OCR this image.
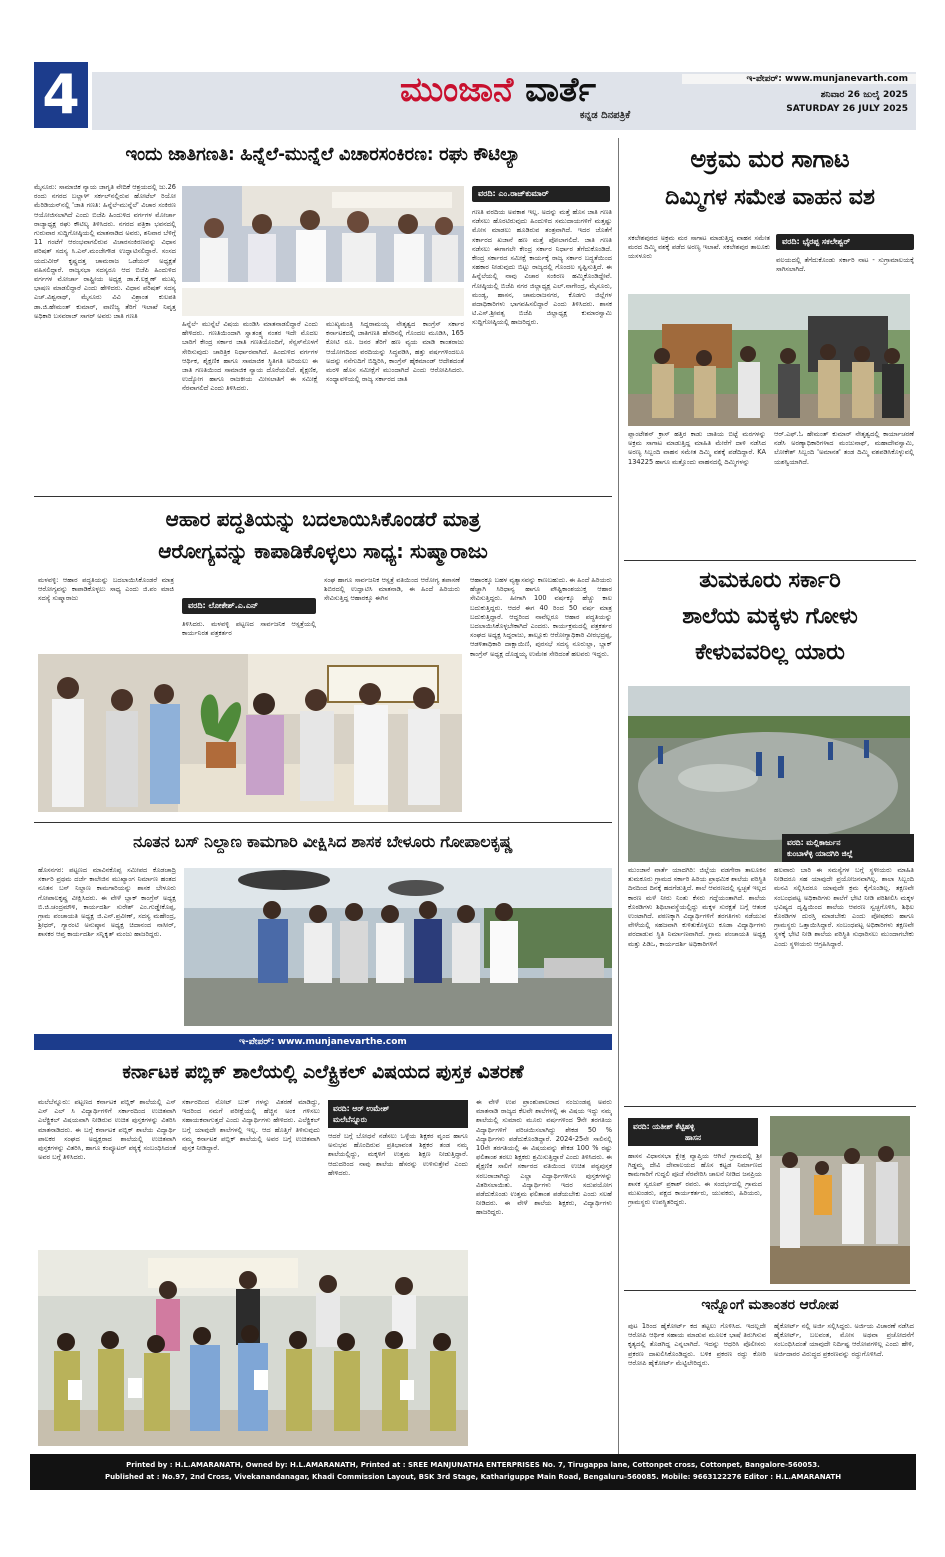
4	ಮುಂಜಾನೆ ವಾರ್ತೆ
ಕನ್ನಡ ದಿನಪತ್ರಿಕೆ
ಇ-ಪೇಪರ್: www.munjanevarth.com
ಶನಿವಾರ 26 ಜುಲೈ 2025
SATURDAY 26 JULY 2025
ಇಂದು ಜಾತಿಗಣತಿ: ಹಿನ್ನೆಲೆ-ಮುನ್ನೆಲೆ ವಿಚಾರಸಂಕಿರಣ: ರಘು ಕೌಟಿಲ್ಯಾ
ಮೈಸೂರು: ಸಾಮಾಜಿಕ ನ್ಯಾಯ ಜಾಗೃತಿ ವೇದಿಕೆ ಆಶ್ರಯದಲ್ಲಿ ಜು.26 ರಂದು ನಗರದ ಬಲ್ಲಾಳ್ ಸರ್ಕಲ್‌ನಲ್ಲಿರುವ ಹೋಟೆಲ್ ರಿಯೋ ಮೆರಿಡಿಯನ್‌ನಲ್ಲಿ 'ಜಾತಿ ಗಣತಿ: ಹಿನ್ನೆಲೆ-ಮುನ್ನೆಲೆ' ವಿಚಾರ ಸಂಕಿರಣ ಆಯೋಜಿಸಲಾಗಿದೆ ಎಂದು ಬಿಜೆಪಿ ಹಿಂದುಳಿದ ವರ್ಗಗಳ ಮೋರ್ಚಾ ರಾಜ್ಯಾಧ್ಯಕ್ಷ ರಘು ಕೌಟಿಲ್ಯ ತಿಳಿಸಿದರು. ನಗರದ ಪತ್ರಿಕಾ ಭವನದಲ್ಲಿ ಗುರುವಾರ ಸುದ್ದಿಗೋಷ್ಠಿಯಲ್ಲಿ ಮಾತನಾಡಿದ ಅವರು, ಶನಿವಾರ ಬೆಳಿಗ್ಗೆ 11 ಗಂಟೆಗೆ ಆರಂಭವಾಗಲಿರುವ ವಿಚಾರಸಂಕಿರಣವನ್ನು ವಿಧಾನ ಪರಿಷತ್ ಸದಸ್ಯ ಸಿ.ಎನ್.ಮಂಜೇಗೌಡ ಉದ್ಘಾಟಿಸಲಿದ್ದಾರೆ. ಸಂಸದ ಯದುವೀರ್ ಕೃಷ್ಣದತ್ತ ಚಾಮರಾಜ ಒಡೆಯರ್ ಅಧ್ಯಕ್ಷತೆ ವಹಿಸಲಿದ್ದಾರೆ. ರಾಜ್ಯಸಭಾ ಸದಸ್ಯರೂ ಆದ ಬಿಜೆಪಿ ಹಿಂದುಳಿದ ವರ್ಗಗಳ ಮೋರ್ಚಾ ರಾಷ್ಟ್ರೀಯ ಅಧ್ಯಕ್ಷ ಡಾ.ಕೆ.ಲಕ್ಷ್ಮಣ್ ಮುಖ್ಯ ಭಾಷಣ ಮಾಡಲಿದ್ದಾರೆ ಎಂದು ಹೇಳಿದರು. ವಿಧಾನ ಪರಿಷತ್ ಸದಸ್ಯ ಎಚ್.ವಿಶ್ವನಾಥ್, ಮೈಸೂರು ವಿವಿ ವಿಶ್ರಾಂತ ಕುಲಪತಿ ಡಾ.ಜಿ.ಹೇಮಂತ್ ಕುಮಾರ್, ವಾಣಿಜ್ಯ ತೆರಿಗೆ ಇಲಾಖೆ ನಿವೃತ್ತ ಅಧಿಕಾರಿ ಬಸವರಾಜ್ ಸಾಗರ್ ಅವರು ಜಾತಿ ಗಣತಿ
ವರದಿ: ಎಂ.ರಾಜ್‌ಕುಮಾರ್
ಹಿನ್ನೆಲೆ- ಮುನ್ನೆಲೆ ವಿಷಯ ಮಂಡಿಸಿ ಮಾತನಾಡಲಿದ್ದಾರೆ ಎಂದು ಹೇಳಿದರು. ಗಣತಿಯಿಂದಾಗಿ ಸ್ವಾತಂತ್ರ್ಯ ನಂತರ ಇದೇ ಮೊದಲ ಬಾರಿಗೆ ಕೇಂದ್ರ ಸರ್ಕಾರ ಜಾತಿ ಗಣತಿಯೊಂದಿಗೆ, ಸೆನ್ಸಸ್‌ನೊಳಗೆ ಸೇರಿಸುವುದು ಚಾರಿತ್ರಿಕ ನಿರ್ಧಾರವಾಗಿದೆ. ಹಿಂದುಳಿದ ವರ್ಗಗಳ ಆರ್ಥಿಕ, ಶೈಕ್ಷಣಿಕ ಹಾಗೂ ಸಾಮಾಜಿಕ ಸ್ಥಿತಿಗತಿ ಅರಿಯಲು ಈ ಜಾತಿ ಗಣತಿಯಿಂದ ಸಾಮಾಜಿಕ ನ್ಯಾಯ ದೊರೆಯಲಿದೆ. ಶೈಕ್ಷಣಿಕ, ಉದ್ಯೋಗ ಹಾಗೂ ರಾಜಕೀಯ ಮೀಸಲಾತಿಗೆ ಈ ಸಮೀಕ್ಷೆ ನೆರವಾಗಲಿದೆ ಎಂದು ತಿಳಿಸಿದರು.
ಮುಖ್ಯಮಂತ್ರಿ ಸಿದ್ದರಾಮಯ್ಯ ನೇತೃತ್ವದ ಕಾಂಗ್ರೆಸ್ ಸರ್ಕಾರ ಕರ್ನಾಟಕದಲ್ಲಿ ಜಾತಿಗಣತಿ ಹೆಸರಿನಲ್ಲಿ ಗೊಂದಲ ಮೂಡಿಸಿ, 165 ಕೋಟಿ ರೂ. ಜನರ ತೆರಿಗೆ ಹಣ ವ್ಯಯ ಮಾಡಿ ಕಾಂತರಾಜು ಆಯೋಗದಿಂದ ವರದಿಯನ್ನು ಸಿದ್ಧಪಡಿಸಿ, ಹತ್ತು ವರ್ಷಗಳಿಂದಲೂ ಅದನ್ನು ನನೆಗುದಿಗೆ ಬಿದ್ದಿರಿಸಿ, ಕಾಂಗ್ರೆಸ್ ಹೈಕಮಾಂಡ್ ಆದೇಶದಂತೆ ಮರಳಿ ಹೊಸ ಸಮೀಕ್ಷೆಗೆ ಮುಂದಾಗಿದೆ ಎಂದು ಆರೋಪಿಸಿದರು. ಸಂಧ್ಯಾವಳಿಯಲ್ಲಿ ರಾಜ್ಯ ಸರ್ಕಾರದ ಜಾತಿ
ಗಣತಿ ವರದಿಯ ಅವಕಾಶ ಇಲ್ಲ. ಅದನ್ನು ಮತ್ತೆ ಹೊಸ ಜಾತಿ ಗಣತಿ ನಡೆಸಲು ಹೊರಟಿರುವುದು ಹಿಂದುಳಿದ ಸಮುದಾಯಗಳಿಗೆ ಮತ್ತಷ್ಟು ಮೋಸ ಮಾಡಲು ಹೂಡಿರುವ ತಂತ್ರವಾಗಿದೆ. ಇದರ ಜೊತೆಗೆ ಸರ್ಕಾರದ ಖಜಾನೆ ಹಣ ಮತ್ತೆ ಪೋಲಾಗಲಿದೆ. ಜಾತಿ ಗಣತಿ ನಡೆಸಲು ಈಗಾಗಲೇ ಕೇಂದ್ರ ಸರ್ಕಾರ ನಿರ್ಧಾರ ತೆಗೆದುಕೊಂಡಿದೆ. ಕೇಂದ್ರ ಸರ್ಕಾರದ ಸಮೀಕ್ಷೆ ಕಾರ್ಯಕ್ಕೆ ರಾಜ್ಯ ಸರ್ಕಾರ ಬದ್ಧತೆಯಿಂದ ಸಹಕಾರ ನೀಡುವುದು ಬಿಟ್ಟು ರಾಜ್ಯದಲ್ಲಿ ಗೊಂದಲ ಸೃಷ್ಟಿಸುತ್ತಿದೆ. ಈ ಹಿನ್ನೆಲೆಯಲ್ಲಿ ನಾವು ವಿಚಾರ ಸಂಕಿರಣ ಹಮ್ಮಿಕೊಂಡಿದ್ದೇವೆ. ಗೋಷ್ಠಿಯಲ್ಲಿ ಬಿಜೆಪಿ ನಗರ ಜಿಲ್ಲಾಧ್ಯಕ್ಷ ಎಲ್.ನಾಗೇಂದ್ರ, ಮೈಸೂರು, ಮಂಡ್ಯ, ಹಾಸನ, ಚಾಮರಾಜನಗರ, ಕೊಡಗು ಜಿಲ್ಲೆಗಳ ಪದಾಧಿಕಾರಿಗಳು ಭಾಗವಹಿಸಲಿದ್ದಾರೆ ಎಂದು ತಿಳಿಸಿದರು. ಶಾಸಕ ಟಿ.ಎಸ್.ಶ್ರೀವತ್ಸ ಬಿಜೆಪಿ ಜಿಲ್ಲಾಧ್ಯಕ್ಷ ಕುಮಾರಸ್ವಾಮಿ ಸುದ್ದಿಗೋಷ್ಠಿಯಲ್ಲಿ ಹಾಜರಿದ್ದರು.
ಆಹಾರ ಪದ್ಧತಿಯನ್ನು ಬದಲಾಯಿಸಿಕೊಂಡರೆ ಮಾತ್ರ
ಆರೋಗ್ಯವನ್ನು ಕಾಪಾಡಿಕೊಳ್ಳಲು ಸಾಧ್ಯ: ಸುಷ್ಮಾರಾಜು
ಮಳವಳ್ಳಿ: ಆಹಾರ ಪದ್ಧತಿಯನ್ನು ಬದಲಾಯಿಸಿಕೊಂಡರೆ ಮಾತ್ರ ಆರೋಗ್ಯವನ್ನು ಕಾಪಾಡಿಕೊಳ್ಳಲು ಸಾಧ್ಯ ಎಂದು ಜಿ.ಪಂ ಮಾಜಿ ಸದಸ್ಯೆ ಸುಷ್ಮಾರಾಜು
ವರದಿ: ಲೋಕೇಶ್.ಎ.ಎನ್
ತಿಳಿಸಿದರು. ಮಳವಳ್ಳಿ ಪಟ್ಟಣದ ಸಾರ್ವಜನಿಕ ಆಸ್ಪತ್ರೆಯಲ್ಲಿ ಕಾರ್ಯನಿರತ ಪತ್ರಕರ್ತರ
ಸಂಘ ಹಾಗೂ ಸಾರ್ವಜನಿಕ ಆಸ್ಪತ್ರೆ ವತಿಯಿಂದ ಆರೋಗ್ಯ ತಪಾಸಣೆ ಶಿಬಿರದಲ್ಲಿ ಉದ್ಘಾಟಿಸಿ ಮಾತನಾಡಿ, ಈ ಹಿಂದೆ ಹಿರಿಯರು ಸೇವಿಸುತ್ತಿದ್ದ ಆಹಾರಕ್ಕೂ ಈಗಿನ
ಆಹಾರಕ್ಕೂ ಬಹಳ ವ್ಯತ್ಯಾಸವನ್ನು ಕಾಣಬಹುದು. ಈ ಹಿಂದೆ ಹಿರಿಯರು ಹೆಚ್ಚಾಗಿ ಸಿರಿಧಾನ್ಯ ಹಾಗೂ ಪೌಷ್ಟಿಕಾಂಶಯುಕ್ತ ಆಹಾರ ಸೇವಿಸುತ್ತಿದ್ದರು. ಹೀಗಾಗಿ 100 ವರ್ಷಕ್ಕೂ ಹೆಚ್ಚು ಕಾಲ ಬದುಕುತ್ತಿದ್ದರು. ಆದರೆ ಈಗ 40 ರಿಂದ 50 ವರ್ಷ ಮಾತ್ರ ಬದುಕುತ್ತಿದ್ದಾರೆ. ಆದ್ದರಿಂದ ನಾವೆಲ್ಲರೂ ಆಹಾರ ಪದ್ಧತಿಯನ್ನು ಬದಲಾಯಿಸಿಕೊಳ್ಳಬೇಕಾಗಿದೆ ಎಂದರು. ಕಾರ್ಯಕ್ರಮದಲ್ಲಿ ಪತ್ರಕರ್ತರ ಸಂಘದ ಅಧ್ಯಕ್ಷ ಸಿದ್ದರಾಜು, ತಾಲ್ಲೂಕು ಆರೋಗ್ಯಾಧಿಕಾರಿ ವೀರಭದ್ರಪ್ಪ, ಆಡಳಿತಾಧಿಕಾರಿ ದಾಕ್ಷಾಯಿಣಿ, ಪುರಸಭೆ ಸದಸ್ಯ ನೂರುಲ್ಲಾ, ಬ್ಲಾಕ್ ಕಾಂಗ್ರೆಸ್ ಅಧ್ಯಕ್ಷ ದೊಡ್ಡಯ್ಯ ಉಮೇಶ ಸೇರಿದಂತೆ ಹಲವರು ಇದ್ದರು.
ನೂತನ ಬಸ್ ನಿಲ್ದಾಣ ಕಾಮಗಾರಿ ವೀಕ್ಷಿಸಿದ ಶಾಸಕ ಬೇಳೂರು ಗೋಪಾಲಕೃಷ್ಣ
ಹೊಸನಗರ: ಪಟ್ಟಣದ ಮಾವಿನಕೊಪ್ಪ ಸಮೀಪದ ಕೊಡಚಾದ್ರಿ ಸರ್ಕಾರಿ ಪ್ರಥಮ ದರ್ಜೆ ಕಾಲೇಜಿನ ಮುಖ್ಯಾಂಗ ನಿರ್ಮಾಣ ಹಂತದ ನೂತನ ಬಸ್ ನಿಲ್ದಾಣ ಕಾಮಗಾರಿಯನ್ನು ಶಾಸಕ ಬೇಳೂರು ಗೋಪಾಲಕೃಷ್ಣ ವೀಕ್ಷಿಸಿದರು. ಈ ವೇಳೆ ಬ್ಲಾಕ್ ಕಾಂಗ್ರೆಸ್ ಅಧ್ಯಕ್ಷ ಬಿ.ಜಿ.ಚಂದ್ರಮೌಳಿ, ಕಾರ್ಯದರ್ಶಿ ಸುರೇಶ್ ಎಂ.ಗುಡ್ಡೇಕೊಪ್ಪ, ಗ್ರಾಮ ಪಂಚಾಯತಿ ಅಧ್ಯಕ್ಷ ಜಿ.ಎನ್.ಪ್ರವೀಣ್, ಸದಸ್ಯ ಮಹೇಂದ್ರ, ಶ್ರೀಧರ್, ಗ್ಯಾರಂಟಿ ಅನುಷ್ಠಾನ ಅಧ್ಯಕ್ಷ ಚಿದಾನಂದ ನಾಸೀರ್, ಶಾಸಕರ ಆಪ್ತ ಕಾರ್ಯದರ್ಶಿ ಸನ್ನಿಕೃತ್ ಮಂಜು ಹಾಜರಿದ್ದರು.
ಅಕ್ರಮ ಮರ ಸಾಗಾಟ
ದಿಮ್ಮಿಗಳ ಸಮೇತ ವಾಹನ ವಶ
ಸಕಲೇಶಪುರದ ಅಕ್ರಮ ಮರ ಸಾಗಾಟ ಮಾಡುತ್ತಿದ್ದ ವಾಹನ ಸಮೇತ ಮರದ ದಿಮ್ಮಿ ವಶಕ್ಕೆ ಪಡೆದ ಅರಣ್ಯ ಇಲಾಖೆ. ಸಕಲೇಶಪುರ ತಾಲೂಕು ಯಸಳೂರು
ವರದಿ: ಭೈರಪ್ಪ ಸಕಲೇಶ್ವರ್
ವಲಯದಲ್ಲಿ ತೆಗೆದುಕೊಂಡು ಸರ್ಕಾರಿ ನಾಟ - ಸುಗ್ರಾಮಾಲಯಕ್ಕೆ ಸಾಗಿಸಲಾಗಿದೆ.
ಪ್ಲಾಂಟೇಶನ್ ಕ್ರಾಸ್ ಹತ್ತಿರ ಕಾಡು ಜಾತಿಯ ಬಿಟ್ಟೆ ಮರಗಳನ್ನು ಅಕ್ರಮ ಸಾಗಾಟ ಮಾಡುತ್ತಿದ್ದ ಮಾಹಿತಿ ಮೇರೆಗೆ ದಾಳಿ ನಡೆಸಿದ ಅರಣ್ಯ ಸಿಬ್ಬಂದಿ ವಾಹನ ಸಮೇತ ದಿಮ್ಮಿ ವಶಕ್ಕೆ ಪಡೆದಿದ್ದಾರೆ. KA 134225 ಹಾಗೂ ಮತ್ತೊಂದು ವಾಹನದಲ್ಲಿ ದಿಮ್ಮಿಗಳನ್ನು
ಆರ್.ಎಫ್.ಓ ಹೇಮಂತ್ ಕುಮಾರ್ ನೇತೃತ್ವದಲ್ಲಿ ಕಾರ್ಯಾಚರಣೆ ನಡೆಸಿ ಅರಣ್ಯಾಧಿಕಾರಿಗಳಾದ ಮಂಜುನಾಥ್, ಮಹಾದೇವಸ್ವಾಮಿ, ಲೋಕೇಶ್ ಸಿಬ್ಬಂದಿ 'ಅಮಾನತ' ತಂಡ ದಿಮ್ಮಿ ವಶಪಡಿಸಿಕೊಳ್ಳುವಲ್ಲಿ ಯಶಸ್ವಿಯಾಗಿದೆ.
ತುಮಕೂರು ಸರ್ಕಾರಿ
ಶಾಲೆಯ ಮಕ್ಕಳು ಗೋಳು
ಕೇಳುವವರಿಲ್ಲ ಯಾರು
ವರದಿ: ಮಲ್ಲಿಕಾರ್ಜುನ
ಕುಂಬಾಳೆಳ್ಳಿ ಯಾದಗಿರಿ ಜಿಲ್ಲೆ
ಮುಂಜಾನೆ ವಾರ್ತೆ ಯಾದಗಿರಿ: ಜಿಲ್ಲೆಯ ವಡಗೇರಾ ತಾಲೂಕಿನ ತುಮಕೂರು ಗ್ರಾಮದ ಸರ್ಕಾರಿ ಹಿರಿಯ ಪ್ರಾಥಮಿಕ ಶಾಲೆಯ ಪರಿಸ್ಥಿತಿ ದಿನದಿಂದ ದಿನಕ್ಕೆ ಹದಗೆಡುತ್ತಿದೆ. ಶಾಲೆ ಆವರಣದಲ್ಲಿ ಸ್ವಚ್ಛತೆ ಇಲ್ಲದ ಕಾರಣ ಮಳೆ ನೀರು ನಿಂತು ಕೆಸರು ಗದ್ದೆಯಂತಾಗಿದೆ. ಶಾಲೆಯ ಕೊಠಡಿಗಳು ಶಿಥಿಲಾವಸ್ಥೆಯಲ್ಲಿದ್ದು ಮಕ್ಕಳ ಸುರಕ್ಷತೆ ಬಗ್ಗೆ ಆತಂಕ ಉಂಟಾಗಿದೆ. ಪಠಣಕ್ಕಾಗಿ ವಿದ್ಯಾರ್ಥಿಗಳಿಗೆ ತರಗತಿಗಳು ನಡೆಯುವ ವೇಳೆಯಲ್ಲಿ ಸಹಜವಾಗಿ ಕುಳಿತುಕೊಳ್ಳಲು ಕೂಡಾ ವಿದ್ಯಾರ್ಥಿಗಳು ಪರದಾಡುವ ಸ್ಥಿತಿ ನಿರ್ಮಾಣವಾಗಿದೆ. ಗ್ರಾಮ ಪಂಚಾಯತಿ ಅಧ್ಯಕ್ಷ ಮತ್ತು ಪಿಡಿಒ, ಕಾರ್ಯದರ್ಶಿ ಅಧಿಕಾರಿಗಳಿಗೆ
ಹಲವಾರು ಬಾರಿ ಈ ಸಮಸ್ಯೆಗಳ ಬಗ್ಗೆ ಸ್ಥಳೀಯರು ಮಾಹಿತಿ ನೀಡಿದರೂ ಸಹ ಯಾವುದೇ ಪ್ರಯೋಜನವಾಗಿಲ್ಲ. ಶಾಲಾ ಸಿಬ್ಬಂದಿ ಮನವಿ ಸಲ್ಲಿಸಿದರೂ ಯಾವುದೇ ಕ್ರಮ ಕೈಗೊಂಡಿಲ್ಲ. ತಕ್ಷಣವೇ ಸಂಬಂಧಪಟ್ಟ ಅಧಿಕಾರಿಗಳು ಶಾಲೆಗೆ ಭೇಟಿ ನೀಡಿ ಪರಿಶೀಲಿಸಿ ಮಕ್ಕಳ ಭವಿಷ್ಯದ ದೃಷ್ಟಿಯಿಂದ ಶಾಲೆಯ ಆವರಣ ಸ್ವಚ್ಛಗೊಳಿಸಿ, ಶಿಥಿಲ ಕೊಠಡಿಗಳ ದುರಸ್ತಿ ಮಾಡಬೇಕು ಎಂದು ಪೋಷಕರು ಹಾಗೂ ಗ್ರಾಮಸ್ಥರು ಒತ್ತಾಯಿಸಿದ್ದಾರೆ. ಸಂಬಂಧಪಟ್ಟ ಅಧಿಕಾರಿಗಳು ತಕ್ಷಣವೇ ಸ್ಥಳಕ್ಕೆ ಭೇಟಿ ನೀಡಿ ಶಾಲೆಯ ಪರಿಸ್ಥಿತಿ ಸುಧಾರಿಸಲು ಮುಂದಾಗಬೇಕು ಎಂದು ಸ್ಥಳೀಯರು ಆಗ್ರಹಿಸಿದ್ದಾರೆ.
ಇ-ಪೇಪರ್: www.munjanevarthe.com
ಕರ್ನಾಟಕ ಪಬ್ಲಿಕ್ ಶಾಲೆಯಲ್ಲಿ ಎಲೆಕ್ಟ್ರಿಕಲ್ ವಿಷಯದ ಪುಸ್ತಕ ವಿತರಣೆ
ಮಲೆಬೆನ್ನೂರು: ಪಟ್ಟಣದ ಕರ್ನಾಟಕ ಪಬ್ಲಿಕ್ ಶಾಲೆಯಲ್ಲಿ ಎಸ್ ಎಸ್ ಎಲ್ ಸಿ ವಿದ್ಯಾರ್ಥಿಗಳಿಗೆ ಸರ್ಕಾರದಿಂದ ಉಚಿತವಾಗಿ ಎಲೆಕ್ಟ್ರಿಕಲ್ ವಿಷಯವಾಗಿ ನೀಡಿರುವ ಉಚಿತ ಪುಸ್ತಕಗಳನ್ನು ವಿತರಿಸಿ ಮಾತನಾಡಿದರು. ಈ ಬಗ್ಗೆ ಕರ್ನಾಟಕ ಪಬ್ಲಿಕ್ ಶಾಲೆಯ ವಿದ್ಯಾರ್ಥಿ ಪಾಲಕರ ಸಂಘದ ಅಧ್ಯಕ್ಷರಾದ ಶಾಲೆಯಲ್ಲಿ ಉಚಿತವಾಗಿ ಪುಸ್ತಕಗಳನ್ನು ವಿತರಿಸಿ, ಹಾಗೂ ಕಂಪ್ಯೂಟರ್ ಪಠ್ಯಕ್ಕೆ ಸಂಬಂಧಿಸಿದಂತೆ ಅವರ ಬಗ್ಗೆ ತಿಳಿಸಿದರು.
ಸರ್ಕಾರದಿಂದ ನೋಟ್ ಬುಕ್ ಗಳನ್ನು ವಿತರಣೆ ಮಾಡಿದ್ದು, ಇದರಿಂದ ನಮಗೆ ಪರೀಕ್ಷೆಯಲ್ಲಿ ಹೆಚ್ಚಿನ ಅಂಕ ಗಳಿಸಲು ಸಹಾಯಕವಾಗುತ್ತದೆ ಎಂದು ವಿದ್ಯಾರ್ಥಿಗಳು ಹೇಳಿದರು. ಎಲೆಕ್ಟ್ರಿಕಲ್ ಬಗ್ಗೆ ಯಾವುದೇ ಶಾಲೆಗಳಲ್ಲಿ ಇಲ್ಲ. ಆದ ಹೊತ್ತಿಗೆ ತಿಳಿಸುವುದು ನಮ್ಮ ಕರ್ನಾಟಕ ಪಬ್ಲಿಕ್ ಶಾಲೆಯಲ್ಲಿ ಅವರ ಬಗ್ಗೆ ಉಚಿತವಾಗಿ ಪುಸ್ತಕ ನೀಡಿದ್ದಾರೆ.
ವರದಿ: ಆರ್ ಉಮೇಶ್
ಮಲೆಬೆನ್ನೂರು
ಆದರೆ ಬಗ್ಗೆ ಬೋಧನೆ ನಡೆಸಲು ಒಳ್ಳೆಯ ಶಿಕ್ಷಕರ ವೃಂದ ಹಾಗೂ ಅನುಭವ ಹೊಂದಿರುವ ಪ್ರತಿಭಾವಂತ ಶಿಕ್ಷಕರ ತಂಡ ನಮ್ಮ ಶಾಲೆಯಲ್ಲಿದ್ದು, ಮಕ್ಕಳಿಗೆ ಉತ್ತಮ ಶಿಕ್ಷಣ ನೀಡುತ್ತಿದ್ದಾರೆ. ಆದುದರಿಂದ ನಾವು ಶಾಲೆಯ ಹೆಸರನ್ನು ಉಳಿಸುತ್ತೇವೆ ಎಂದು ಹೇಳಿದರು.
ಈ ವೇಳೆ ಉಪ ಪ್ರಾಂಶುಪಾಲರಾದ ನಂಜುಂಡಪ್ಪ ಅವರು ಮಾತನಾಡಿ ರಾಜ್ಯದ ಕೆಲವೇ ಶಾಲೆಗಳಲ್ಲಿ ಈ ವಿಷಯ ಇದ್ದು ನಮ್ಮ ಶಾಲೆಯಲ್ಲಿ ಸುಮಾರು ಮೂರು ವರ್ಷಗಳಿಂದ 9ನೇ ತರಗತಿಯ ವಿದ್ಯಾರ್ಥಿಗಳಿಗೆ ಪರಿಚಯಿಸಲಾಗಿದ್ದು ಶೇಕಡ 50 % ವಿದ್ಯಾರ್ಥಿಗಳು ಪಡೆದುಕೊಂಡಿದ್ದಾರೆ. 2024-25ನೇ ಸಾಲಿನಲ್ಲಿ 10ನೇ ತರಗತಿಯಲ್ಲಿ ಈ ವಿಷಯವನ್ನು ಶೇಕಡ 100 % ರಷ್ಟು ಫಲಿತಾಂಶ ತರಲು ಶಿಕ್ಷಕರು ಶ್ರಮಿಸುತ್ತಿದ್ದಾರೆ ಎಂದು ತಿಳಿಸಿದರು. ಈ ಶೈಕ್ಷಣಿಕ ಸಾಲಿಗೆ ಸರ್ಕಾರದ ವತಿಯಿಂದ ಉಚಿತ ಪಠ್ಯಪುಸ್ತಕ ಸರಬರಾಜಾಗಿದ್ದು ಎಲ್ಲಾ ವಿದ್ಯಾರ್ಥಿಗಳಿಗೂ ಪುಸ್ತಕಗಳನ್ನು ವಿತರಿಸಲಾಯಿತು. ವಿದ್ಯಾರ್ಥಿಗಳು ಇದರ ಸದುಪಯೋಗ ಪಡೆದುಕೊಂಡು ಉತ್ತಮ ಫಲಿತಾಂಶ ಪಡೆಯಬೇಕು ಎಂದು ಸಲಹೆ ನೀಡಿದರು. ಈ ವೇಳೆ ಶಾಲೆಯ ಶಿಕ್ಷಕರು, ವಿದ್ಯಾರ್ಥಿಗಳು ಹಾಜರಿದ್ದರು.
ವರದಿ: ಯತೀಶ್ ಕೆಟ್ಟಿಹಳ್ಳಿ
ಹಾಸನ
ಹಾಸನ ವಿಧಾನಸಭಾ ಕ್ಷೇತ್ರ ವ್ಯಾಪ್ತಿಯ ಆಗಿಲೆ ಗ್ರಾಮದಲ್ಲಿ ಶ್ರೀ ಗಿಡ್ಡಮ್ಮ ದೇವಿ ದೇವಾಲಯದ ಹೊಸ ಕಟ್ಟಡ ನಿರ್ಮಾಣದ ಕಾಮಗಾರಿಗೆ ಗುದ್ದಲಿ ಪೂಜೆ ನೆರವೇರಿಸಿ ಚಾಲನೆ ನೀಡಿದ ಜನಪ್ರಿಯ ಶಾಸಕ ಸ್ವರೂಪ್ ಪ್ರಕಾಶ್ ರವರು. ಈ ಸಂದರ್ಭದಲ್ಲಿ ಗ್ರಾಮದ ಮುಖಂಡರು, ಪಕ್ಷದ ಕಾರ್ಯಕರ್ತರು, ಯುವಕರು, ಹಿರಿಯರು, ಗ್ರಾಮಸ್ಥರು ಉಪಸ್ಥಿತರಿದ್ದರು.
ಇನ್ನೊಂಗೆ ಮತಾಂತರ ಆರೋಪ
ಪುಟ 1ರಿಂದ ಹೈಕೋರ್ಟ್ ಕದ ತಟ್ಟಲು ಗೊಳಿಸಿದ. ಇದಲ್ಲದೇ ಆರೋಪಿ ಆರ್ಥಿಕ ಸಹಾಯ ಮಾಡುವ ಮೂಲಕ ಭಾಷೆ ತಿರುಗಿಸುವ ಕೃತ್ಯದಲ್ಲಿ ತೊಡಗಿದ್ದ ಎನ್ನಲಾಗಿದೆ. ಇದನ್ನು ಆಧರಿಸಿ ಪೊಲೀಸರು ಪ್ರಕರಣ ದಾಖಲಿಸಿಕೊಂಡಿದ್ದರು. ಬಳಿಕ ಪ್ರಕರಣ ರದ್ದು ಕೋರಿ ಆರೋಪಿ ಹೈಕೋರ್ಟ್ ಮೆಟ್ಟಿಲೇರಿದ್ದರು.
ಹೈಕೋರ್ಟ್ ನಲ್ಲಿ ಅರ್ಜಿ ಸಲ್ಲಿಸಿದ್ದರು. ಅರ್ಜಿಯ ವಿಚಾರಣೆ ನಡೆಸಿದ ಹೈಕೋರ್ಟ್, ಬಲವಂತ, ಮೋಸ ಅಥವಾ ಪ್ರಚೋದನೆಗೆ ಸಂಬಂಧಿಸಿದಂತೆ ಯಾವುದೇ ನಿರ್ದಿಷ್ಟ ಆರೋಪಗಳಿಲ್ಲ ಎಂದು ಹೇಳಿ, ಅರ್ಜಿದಾರರ ವಿರುದ್ಧದ ಪ್ರಕರಣವನ್ನು ರದ್ದುಗೊಳಿಸಿದೆ.
Printed by : H.L.AMARANATH, Owned by: H.L.AMARANATH, Printed at : SREE MANJUNATHA ENTERPRISES No. 7, Tirugappa lane, Cottonpet cross, Cottonpet, Bangalore-560053.
Published at : No.97, 2nd Cross, Vivekanandanagar, Khadi Commission Layout, BSK 3rd Stage, Kathariguppe Main Road, Bengaluru-560085. Mobile: 9663122276 Editor : H.L.AMARANATH
